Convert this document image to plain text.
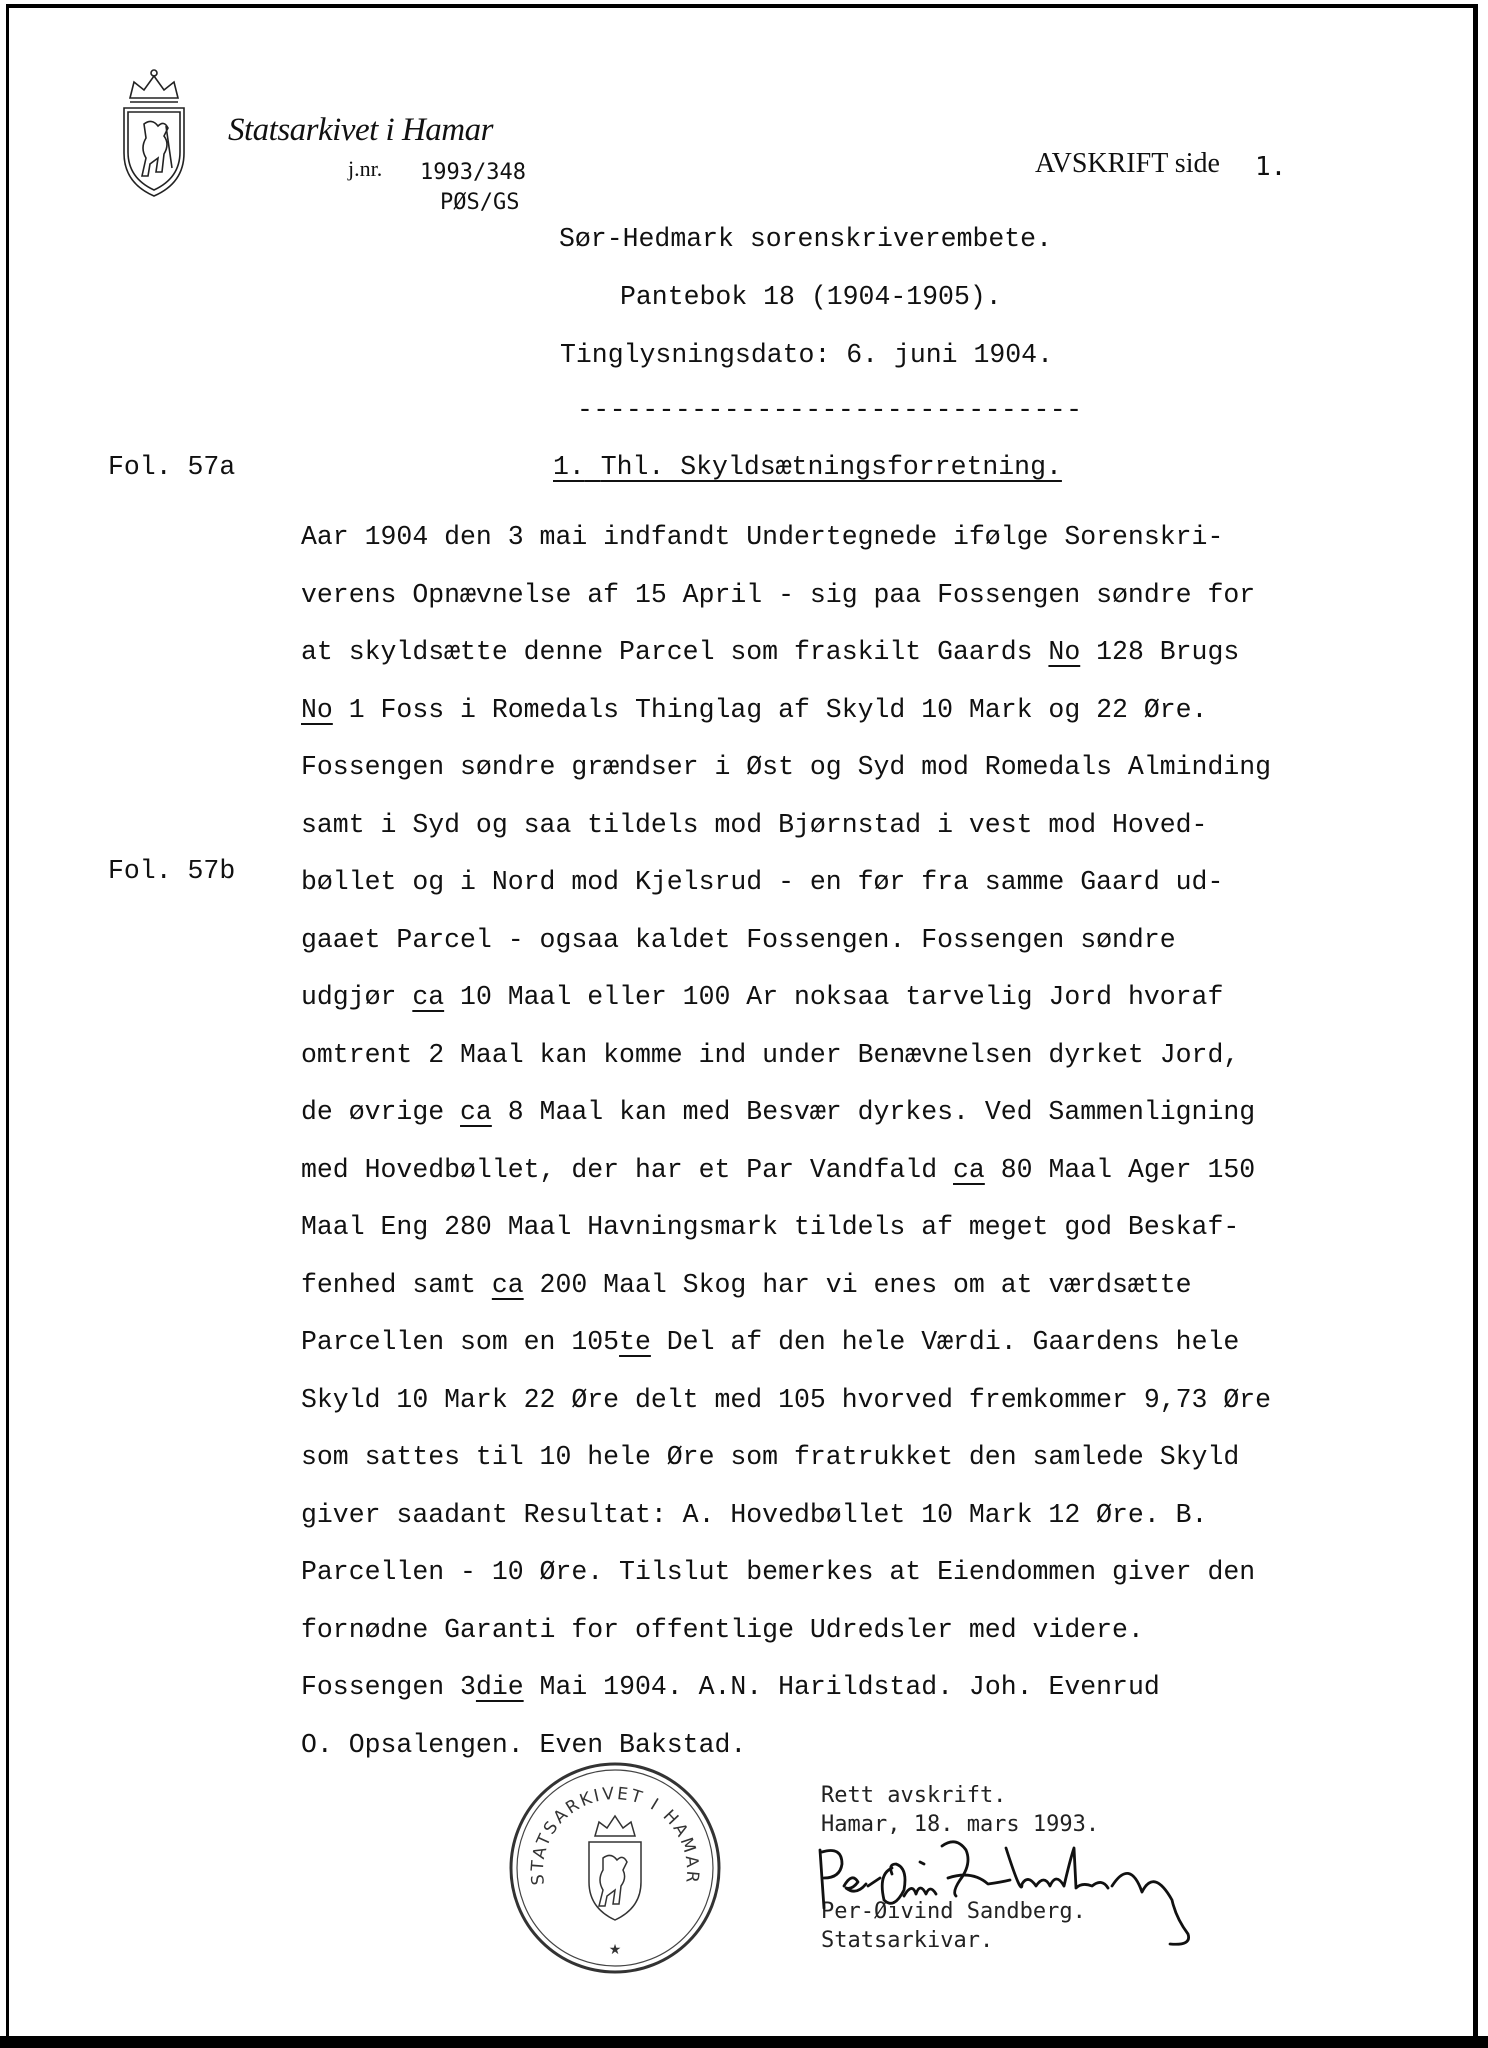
Statsarkivet i Hamar
j.nr. 1993/348
PØS/GS
AVSKRIFT side 1.
Sør-Hedmark sorenskriverembete.
Pantebok 18 (1904-1905).
Tinglysningsdato: 6. juni 1904.
-------------------------------
Fol. 57a
Fol. 57b
1. Thl. Skyldsætningsforretning.
Aar 1904 den 3 mai indfandt Undertegnede ifølge Sorenskri-
verens Opnævnelse af 15 April - sig paa Fossengen søndre for
at skyldsætte denne Parcel som fraskilt Gaards No 128 Brugs
No 1 Foss i Romedals Thinglag af Skyld 10 Mark og 22 Øre.
Fossengen søndre grændser i Øst og Syd mod Romedals Alminding
samt i Syd og saa tildels mod Bjørnstad i vest mod Hoved-
bøllet og i Nord mod Kjelsrud - en før fra samme Gaard ud-
gaaet Parcel - ogsaa kaldet Fossengen. Fossengen søndre
udgjør ca 10 Maal eller 100 Ar noksaa tarvelig Jord hvoraf
omtrent 2 Maal kan komme ind under Benævnelsen dyrket Jord,
de øvrige ca 8 Maal kan med Besvær dyrkes. Ved Sammenligning
med Hovedbøllet, der har et Par Vandfald ca 80 Maal Ager 150
Maal Eng 280 Maal Havningsmark tildels af meget god Beskaf-
fenhed samt ca 200 Maal Skog har vi enes om at værdsætte
Parcellen som en 105te Del af den hele Værdi. Gaardens hele
Skyld 10 Mark 22 Øre delt med 105 hvorved fremkommer 9,73 Øre
som sattes til 10 hele Øre som fratrukket den samlede Skyld
giver saadant Resultat: A. Hovedbøllet 10 Mark 12 Øre. B.
Parcellen - 10 Øre. Tilslut bemerkes at Eiendommen giver den
fornødne Garanti for offentlige Udredsler med videre.
Fossengen 3die Mai 1904. A.N. Harildstad. Joh. Evenrud
O. Opsalengen. Even Bakstad.
STATSARKIVET I HAMAR
★
Rett avskrift.
Hamar, 18. mars 1993.
Per-Øivind Sandberg.
Statsarkivar.
